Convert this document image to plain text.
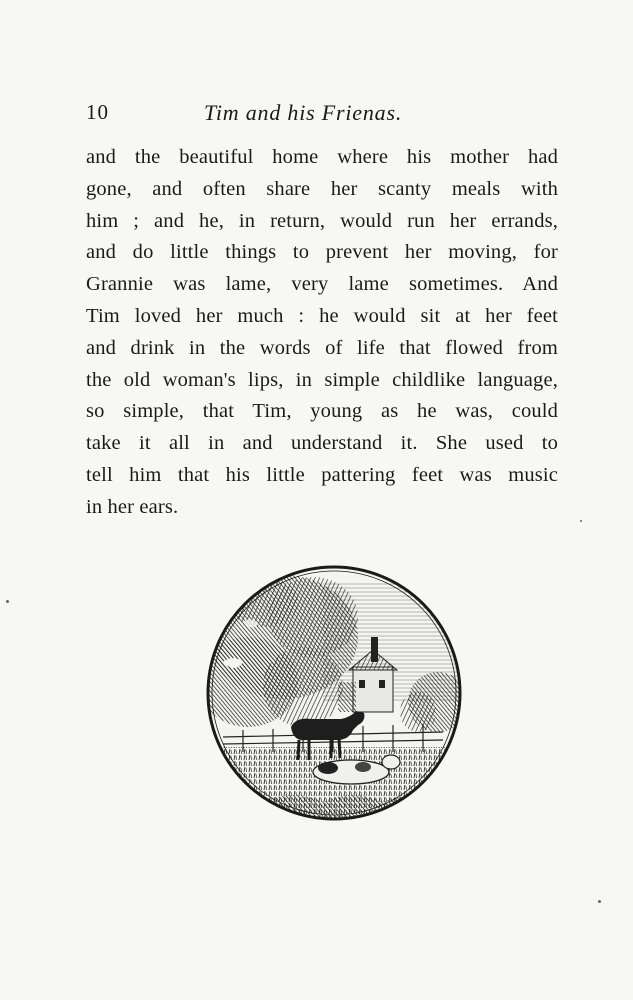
10	Tim and his Frienas.

and the beautiful home where his mother had
gone, and often share her scanty meals with
him ; and he, in return, would run her errands,
and do little things to prevent her moving, for
Grannie was lame, very lame sometimes. And
Tim loved her much : he would sit at her feet
and drink in the words of life that flowed from
the old woman's lips, in simple childlike language,
so simple, that Tim, young as he was, could
take it all in and understand it. She used to
tell him that his little pattering feet was music
in her ears.
